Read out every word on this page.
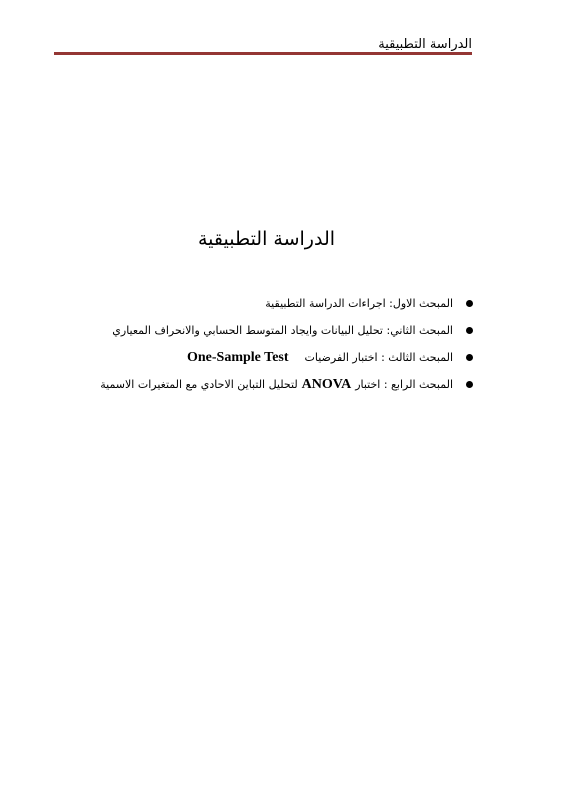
الدراسة التطبيقية
الدراسة التطبيقية
المبحث الاول: اجراءات الدراسة التطبيقية
المبحث الثاني: تحليل البيانات وايجاد المتوسط الحسابي والانحراف المعياري
المبحث الثالث : اختبار الفرضياتOne-Sample Test
المبحث الرابع : اختبارANOVAلتحليل التباين الاحادي مع المتغيرات الاسمية
